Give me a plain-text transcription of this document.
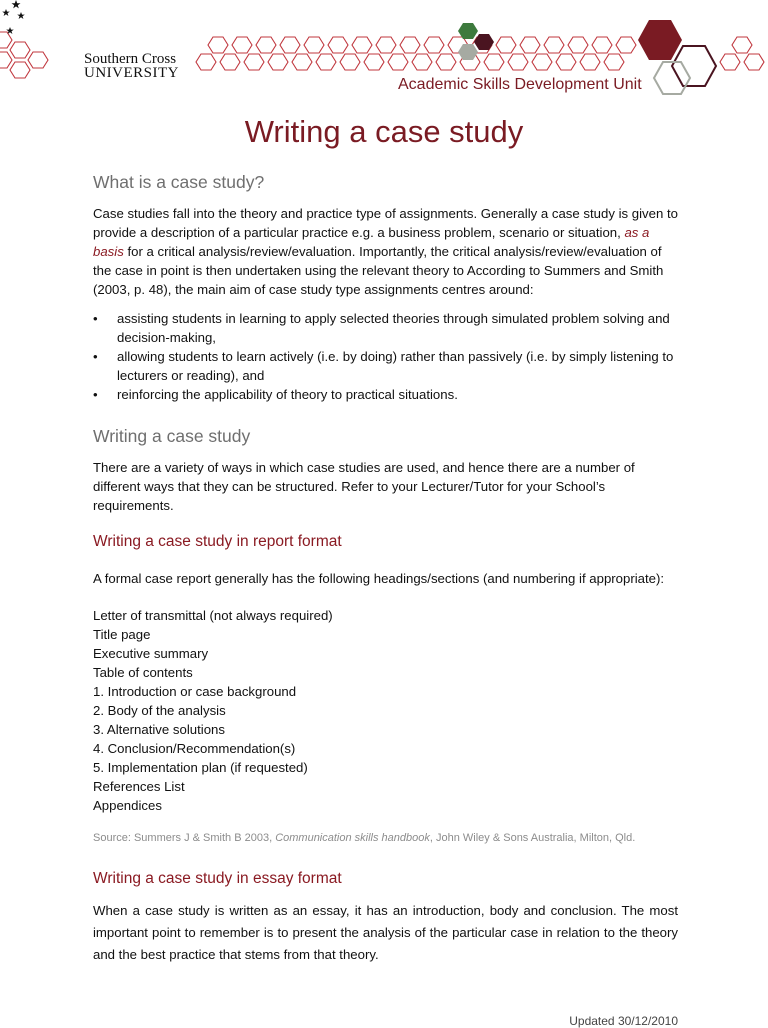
Southern Cross
UNIVERSITY
Academic Skills Development Unit
Writing a case study
What is a case study?

Case studies fall into the theory and practice type of assignments. Generally a case study is given to provide a description of a particular practice e.g. a business problem, scenario or situation, as a basis for a critical analysis/review/evaluation. Importantly, the critical analysis/review/evaluation of the case in point is then undertaken using the relevant theory to According to Summers and Smith (2003, p. 48), the main aim of case study type assignments centres around:

• assisting students in learning to apply selected theories through simulated problem solving and decision-making,
• allowing students to learn actively (i.e. by doing) rather than passively (i.e. by simply listening to lecturers or reading), and
• reinforcing the applicability of theory to practical situations.
Writing a case study

There are a variety of ways in which case studies are used, and hence there are a number of different ways that they can be structured. Refer to your Lecturer/Tutor for your School’s requirements.

Writing a case study in report format

A formal case report generally has the following headings/sections (and numbering if appropriate):

Letter of transmittal (not always required)
Title page
Executive summary
Table of contents
1. Introduction or case background
2. Body of the analysis
3. Alternative solutions
4. Conclusion/Recommendation(s)
5. Implementation plan (if requested)
References List
Appendices

Source: Summers J & Smith B 2003, Communication skills handbook, John Wiley & Sons Australia, Milton, Qld.

Writing a case study in essay format

When a case study is written as an essay, it has an introduction, body and conclusion. The most important point to remember is to present the analysis of the particular case in relation to the theory and the best practice that stems from that theory.

Updated 30/12/2010
